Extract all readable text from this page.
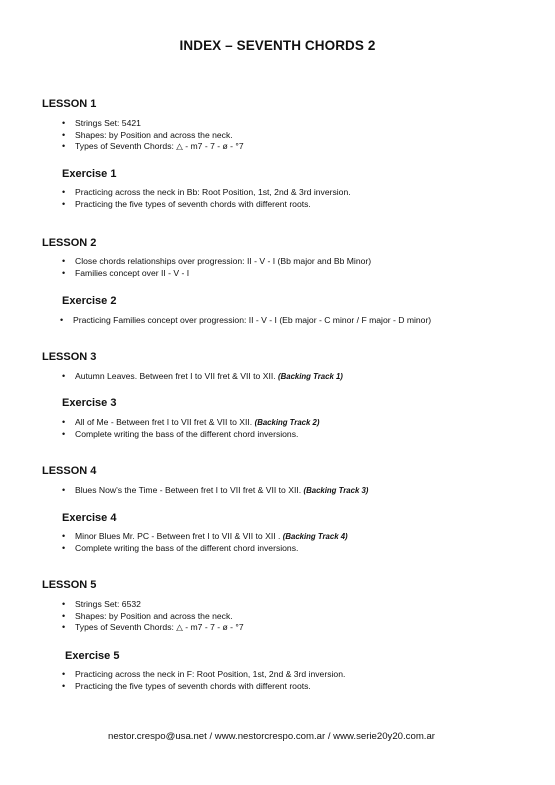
INDEX – SEVENTH CHORDS 2
LESSON 1
• Strings Set: 5421
• Shapes: by Position and across the neck.
• Types of Seventh Chords: △ - m7 - 7 - ø - °7
Exercise 1
• Practicing across the neck in Bb: Root Position, 1st, 2nd & 3rd inversion.
• Practicing the five types of seventh chords with different roots.
LESSON 2
• Close chords relationships over progression: II - V - I (Bb major and Bb Minor)
• Families concept over II - V - I
Exercise 2
• Practicing Families concept over progression: II - V - I (Eb major - C minor / F major - D minor)
LESSON 3
• Autumn Leaves. Between fret I to VII fret & VII to XII. (Backing Track 1)
Exercise 3
• All of Me - Between fret I to VII fret & VII to XII. (Backing Track 2)
• Complete writing the bass of the different chord inversions.
LESSON 4
• Blues Now's the Time - Between fret I to VII fret & VII to XII. (Backing Track 3)
Exercise 4
• Minor Blues Mr. PC - Between fret I to VII & VII to XII . (Backing Track 4)
• Complete writing the bass of the different chord inversions.
LESSON 5
• Strings Set: 6532
• Shapes: by Position and across the neck.
• Types of Seventh Chords: △ - m7 - 7 - ø - °7
Exercise 5
• Practicing across the neck in F: Root Position, 1st, 2nd & 3rd inversion.
• Practicing the five types of seventh chords with different roots.
nestor.crespo@usa.net / www.nestorcrespo.com.ar / www.serie20y20.com.ar
